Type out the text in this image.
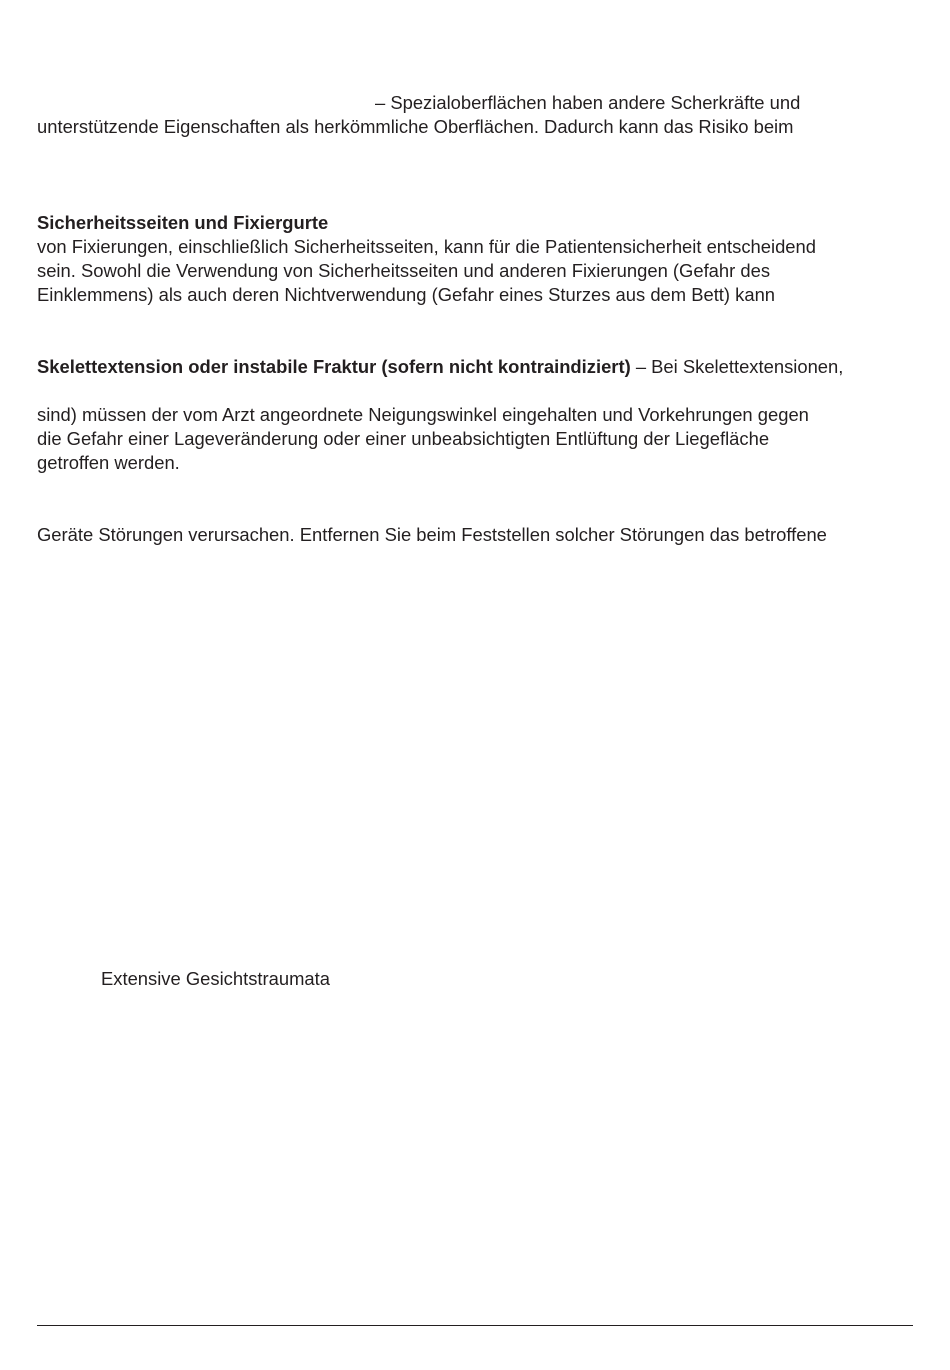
– Spezialoberflächen haben andere Scherkräfte und
unterstützende Eigenschaften als herkömmliche Oberflächen. Dadurch kann das Risiko beim
Sicherheitsseiten und Fixiergurte
von Fixierungen, einschließlich Sicherheitsseiten, kann für die Patientensicherheit entscheidend
sein. Sowohl die Verwendung von Sicherheitsseiten und anderen Fixierungen (Gefahr des
Einklemmens) als auch deren Nichtverwendung (Gefahr eines Sturzes aus dem Bett) kann
Skelettextension oder instabile Fraktur (sofern nicht kontraindiziert) – Bei Skelettextensionen,
sind) müssen der vom Arzt angeordnete Neigungswinkel eingehalten und Vorkehrungen gegen
die Gefahr einer Lageveränderung oder einer unbeabsichtigten Entlüftung der Liegefläche
getroffen werden.
Geräte Störungen verursachen. Entfernen Sie beim Feststellen solcher Störungen das betroffene
Extensive Gesichtstraumata
